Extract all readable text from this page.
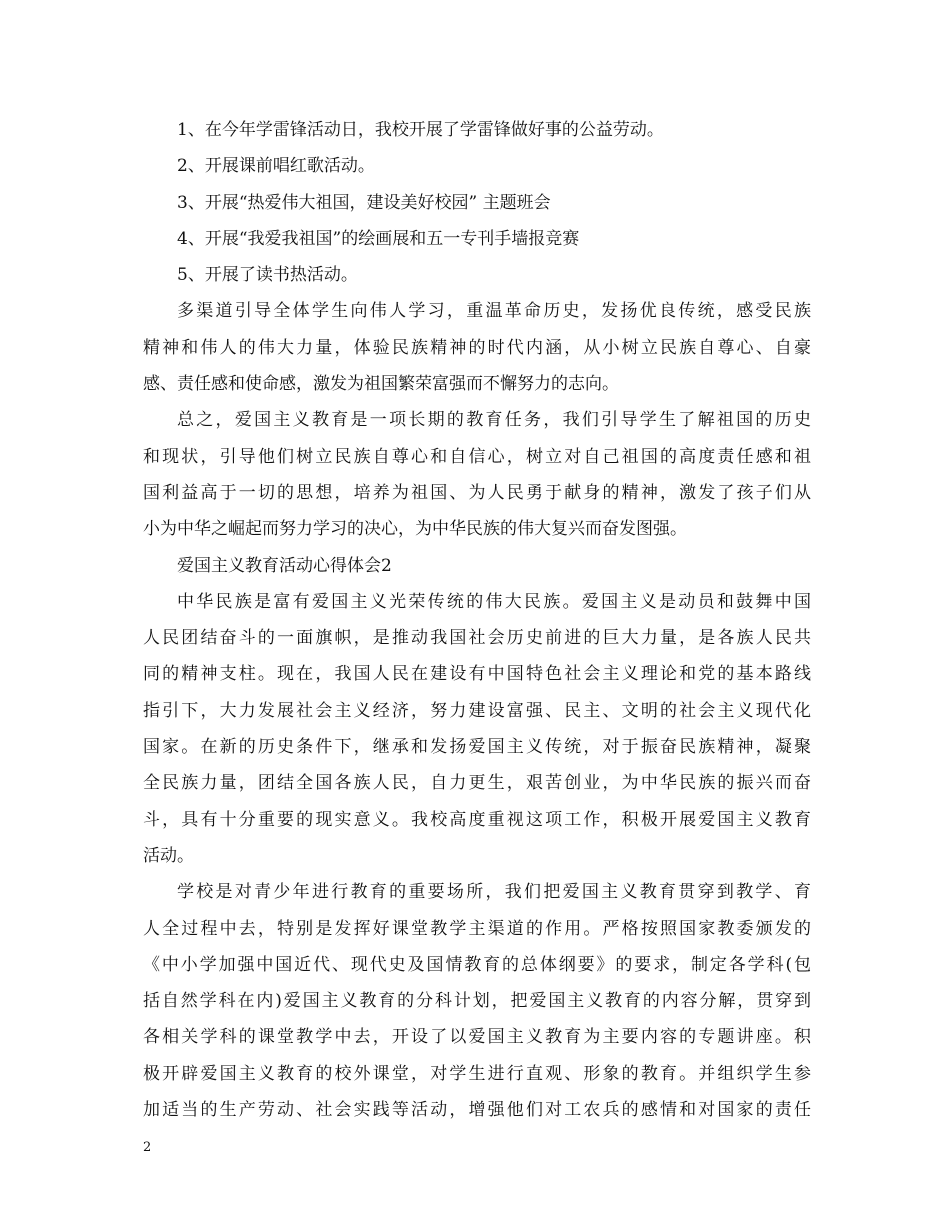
1、在今年学雷锋活动日，我校开展了学雷锋做好事的公益劳动。
2、开展课前唱红歌活动。
3、开展“热爱伟大祖国，建设美好校园” 主题班会
4、开展“我爱我祖国”的绘画展和五一专刊手墙报竞赛
5、开展了读书热活动。
多渠道引导全体学生向伟人学习，重温革命历史，发扬优良传统，感受民族
精神和伟人的伟大力量，体验民族精神的时代内涵，从小树立民族自尊心、自豪
感、责任感和使命感，激发为祖国繁荣富强而不懈努力的志向。
总之，爱国主义教育是一项长期的教育任务，我们引导学生了解祖国的历史
和现状，引导他们树立民族自尊心和自信心，树立对自己祖国的高度责任感和祖
国利益高于一切的思想，培养为祖国、为人民勇于献身的精神，激发了孩子们从
小为中华之崛起而努力学习的决心，为中华民族的伟大复兴而奋发图强。
爱国主义教育活动心得体会2
中华民族是富有爱国主义光荣传统的伟大民族。爱国主义是动员和鼓舞中国
人民团结奋斗的一面旗帜，是推动我国社会历史前进的巨大力量，是各族人民共
同的精神支柱。现在，我国人民在建设有中国特色社会主义理论和党的基本路线
指引下，大力发展社会主义经济，努力建设富强、民主、文明的社会主义现代化
国家。在新的历史条件下，继承和发扬爱国主义传统，对于振奋民族精神，凝聚
全民族力量，团结全国各族人民，自力更生，艰苦创业，为中华民族的振兴而奋
斗，具有十分重要的现实意义。我校高度重视这项工作，积极开展爱国主义教育
活动。
学校是对青少年进行教育的重要场所，我们把爱国主义教育贯穿到教学、育
人全过程中去，特别是发挥好课堂教学主渠道的作用。严格按照国家教委颁发的
《中小学加强中国近代、现代史及国情教育的总体纲要》的要求，制定各学科(包
括自然学科在内)爱国主义教育的分科计划，把爱国主义教育的内容分解，贯穿到
各相关学科的课堂教学中去，开设了以爱国主义教育为主要内容的专题讲座。积
极开辟爱国主义教育的校外课堂，对学生进行直观、形象的教育。并组织学生参
加适当的生产劳动、社会实践等活动，增强他们对工农兵的感情和对国家的责任
2
